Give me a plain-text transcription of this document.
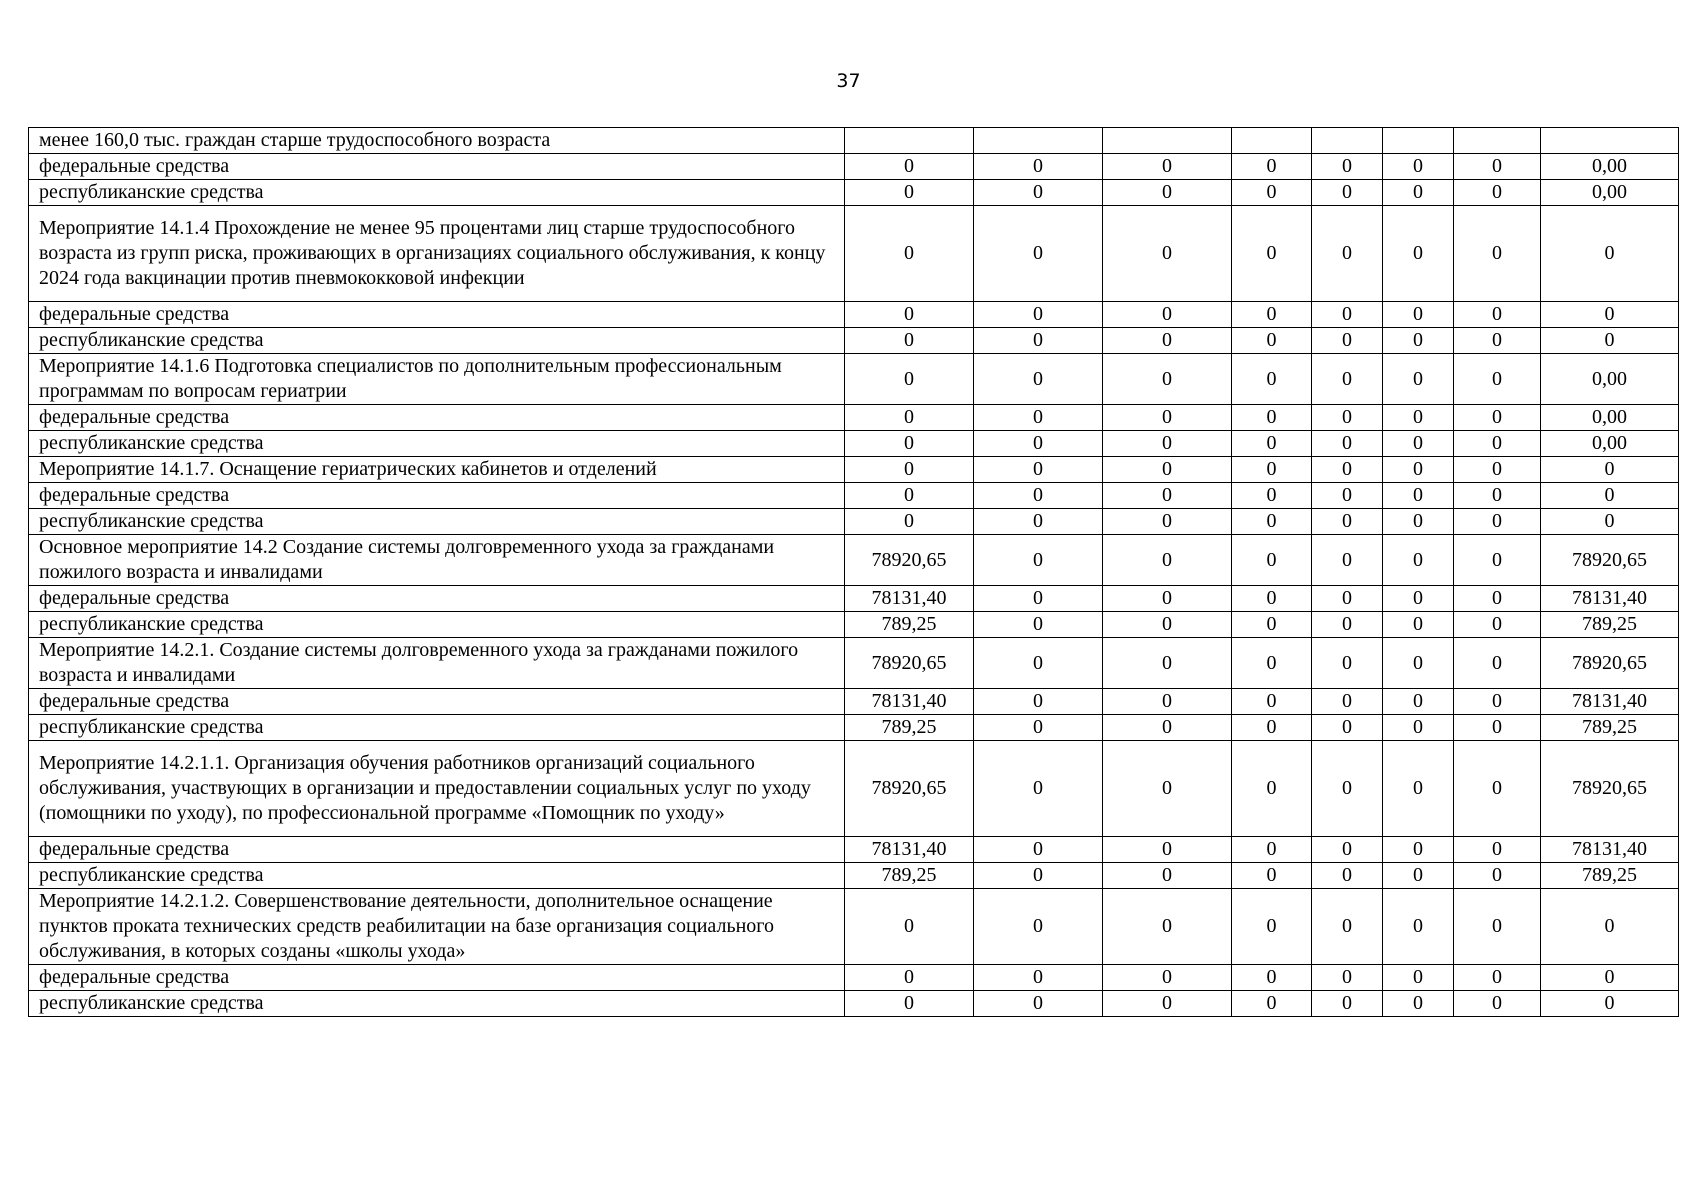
37
менее 160,0 тыс. граждан старше трудоспособного возраста								
федеральные средства	0	0	0	0	0	0	0	0,00
республиканские средства	0	0	0	0	0	0	0	0,00
Мероприятие 14.1.4 Прохождение не менее 95 процентами лиц старше трудоспособного возраста из групп риска, проживающих в организациях социального обслуживания, к концу 2024 года вакцинации против пневмококковой инфекции	0	0	0	0	0	0	0	0
федеральные средства	0	0	0	0	0	0	0	0
республиканские средства	0	0	0	0	0	0	0	0
Мероприятие 14.1.6 Подготовка специалистов по дополнительным профессиональным программам по вопросам гериатрии	0	0	0	0	0	0	0	0,00
федеральные средства	0	0	0	0	0	0	0	0,00
республиканские средства	0	0	0	0	0	0	0	0,00
Мероприятие 14.1.7. Оснащение гериатрических кабинетов и отделений	0	0	0	0	0	0	0	0
федеральные средства	0	0	0	0	0	0	0	0
республиканские средства	0	0	0	0	0	0	0	0
Основное мероприятие 14.2 Создание системы долговременного ухода за гражданами пожилого возраста и инвалидами	78920,65	0	0	0	0	0	0	78920,65
федеральные средства	78131,40	0	0	0	0	0	0	78131,40
республиканские средства	789,25	0	0	0	0	0	0	789,25
Мероприятие 14.2.1. Создание системы долговременного ухода за гражданами пожилого возраста и инвалидами	78920,65	0	0	0	0	0	0	78920,65
федеральные средства	78131,40	0	0	0	0	0	0	78131,40
республиканские средства	789,25	0	0	0	0	0	0	789,25
Мероприятие 14.2.1.1. Организация обучения работников организаций социального обслуживания, участвующих в организации и предоставлении социальных услуг по уходу (помощники по уходу), по профессиональной программе «Помощник по уходу»	78920,65	0	0	0	0	0	0	78920,65
федеральные средства	78131,40	0	0	0	0	0	0	78131,40
республиканские средства	789,25	0	0	0	0	0	0	789,25
Мероприятие 14.2.1.2. Совершенствование деятельности, дополнительное оснащение пунктов проката технических средств реабилитации на базе организация социального обслуживания, в которых созданы «школы ухода»	0	0	0	0	0	0	0	0
федеральные средства	0	0	0	0	0	0	0	0
республиканские средства	0	0	0	0	0	0	0	0
